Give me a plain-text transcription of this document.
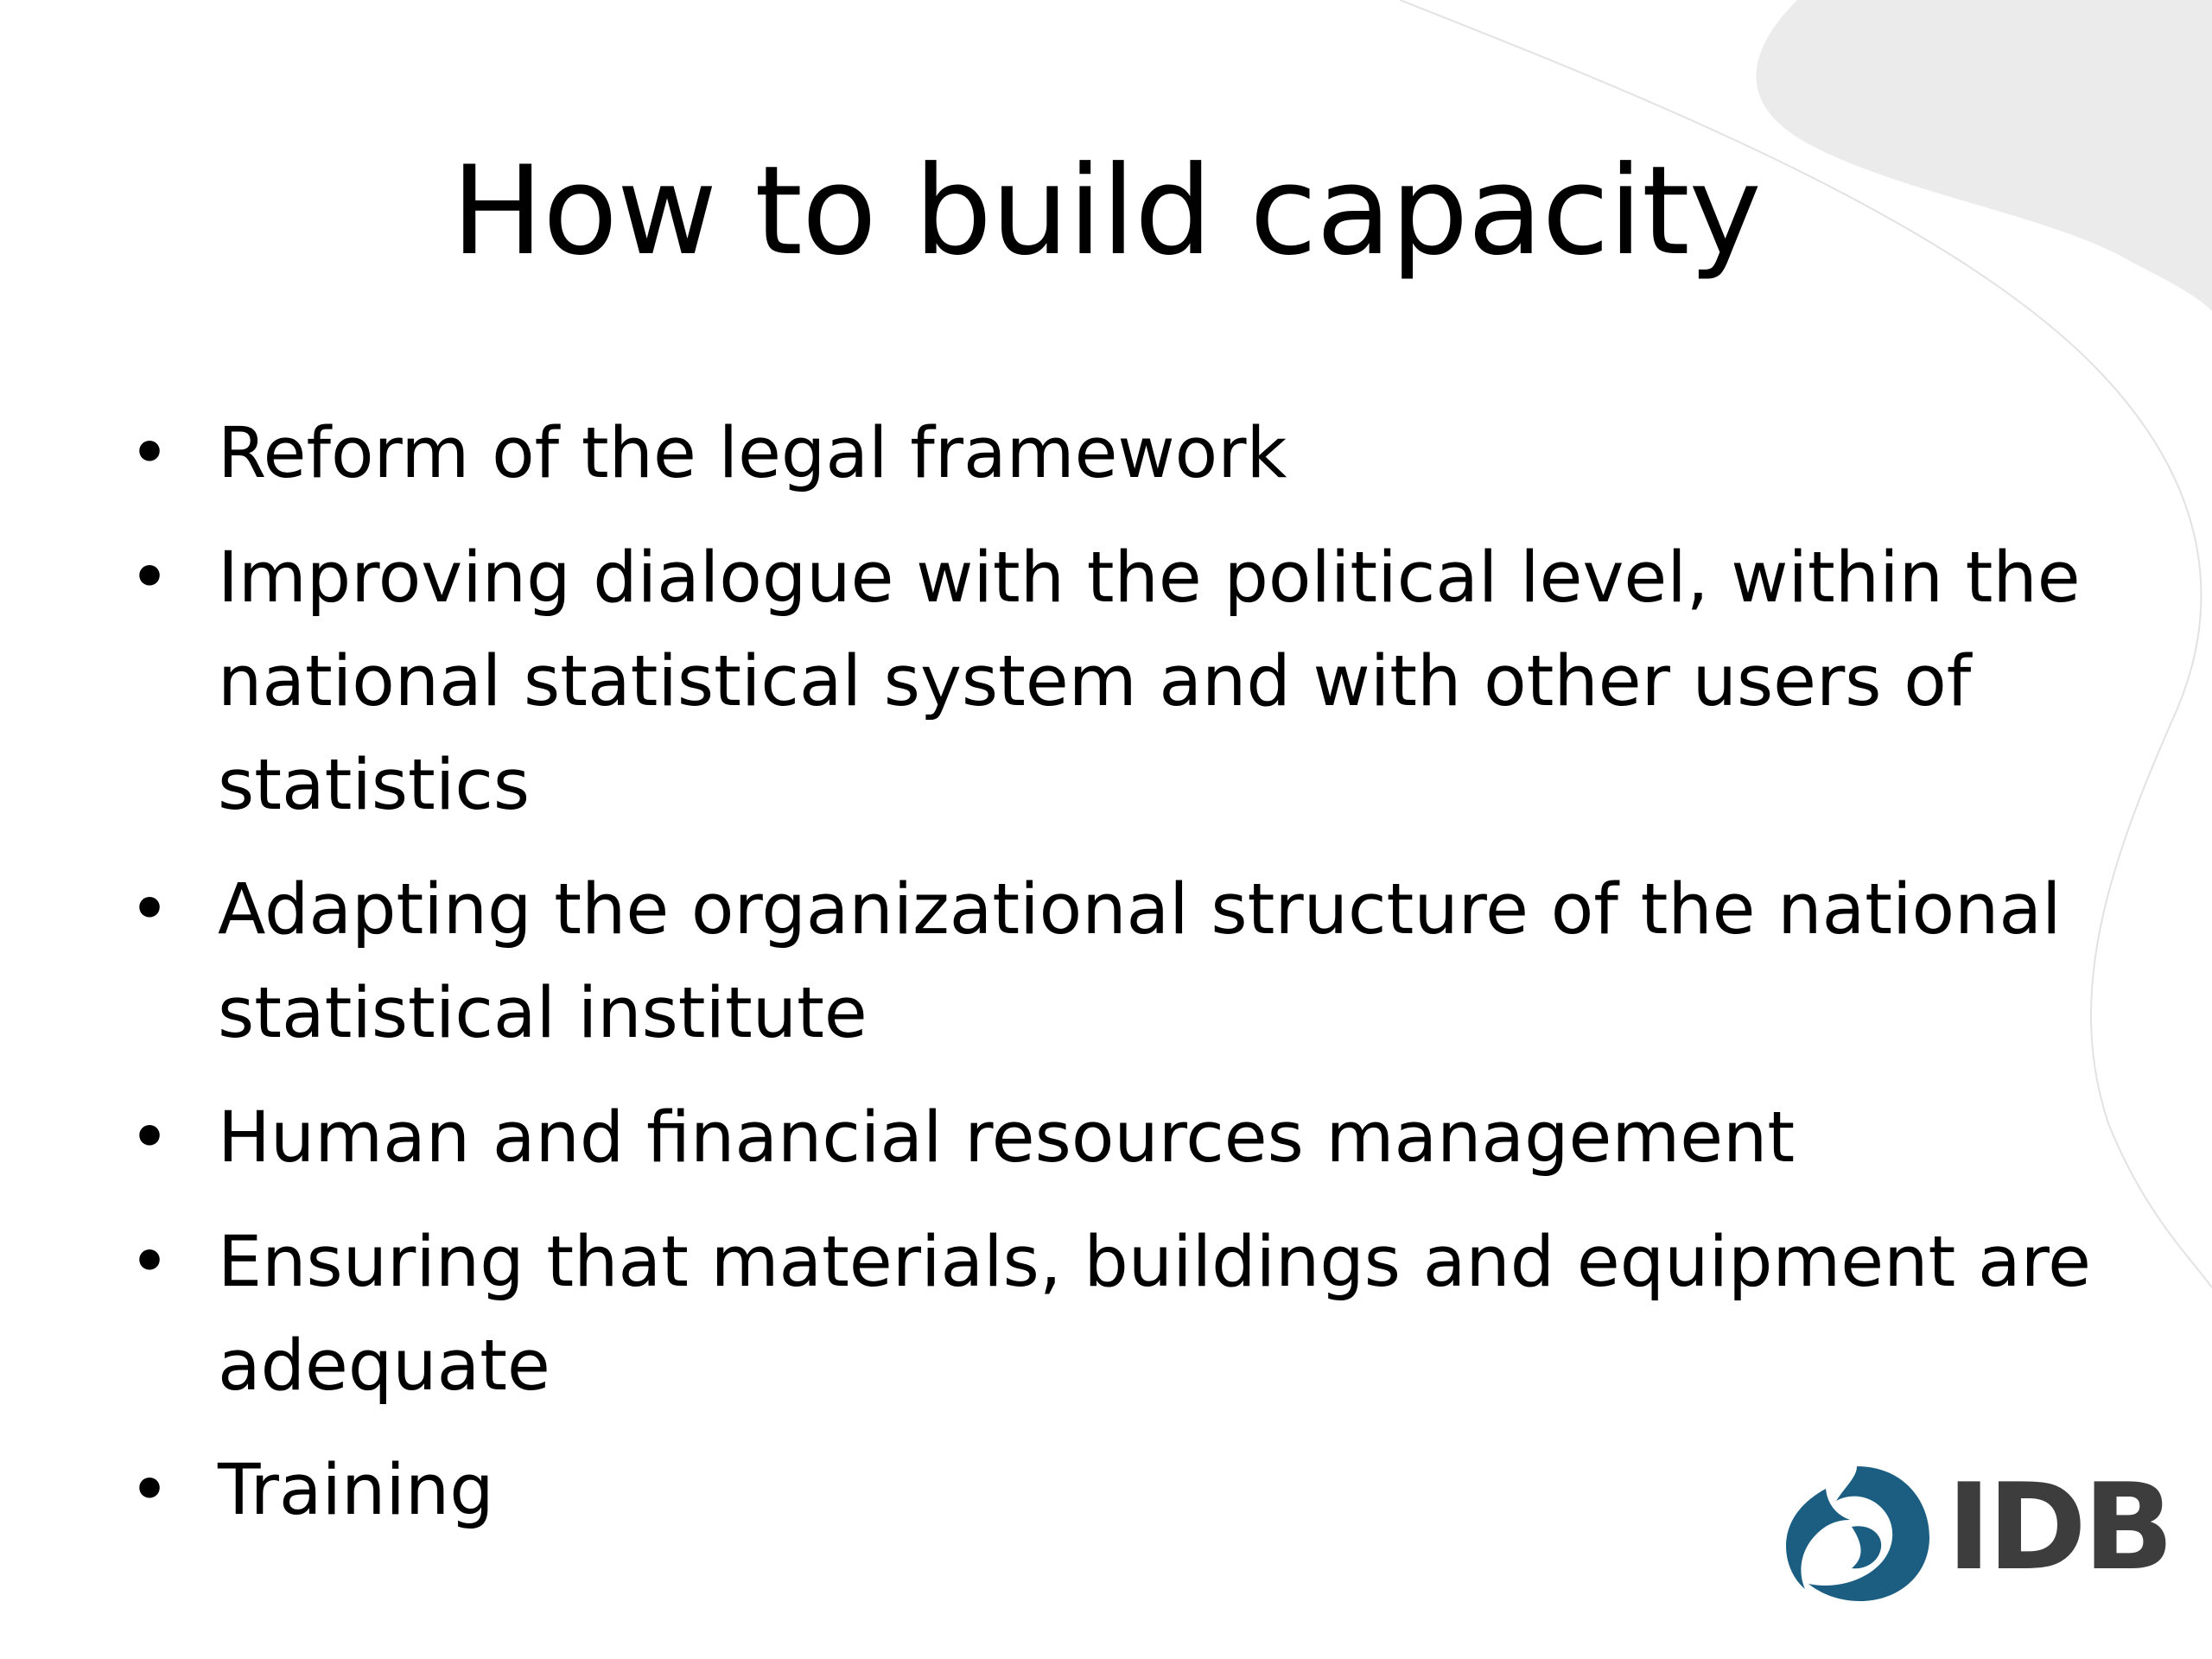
How to build capacity
• Reform of the legal framework
• Improving dialogue with the political level, within the national statistical system and with other users of statistics
• Adapting the organizational structure of the national statistical institute
• Human and financial resources management
• Ensuring that materials, buildings and equipment are adequate
• Training	IDB
